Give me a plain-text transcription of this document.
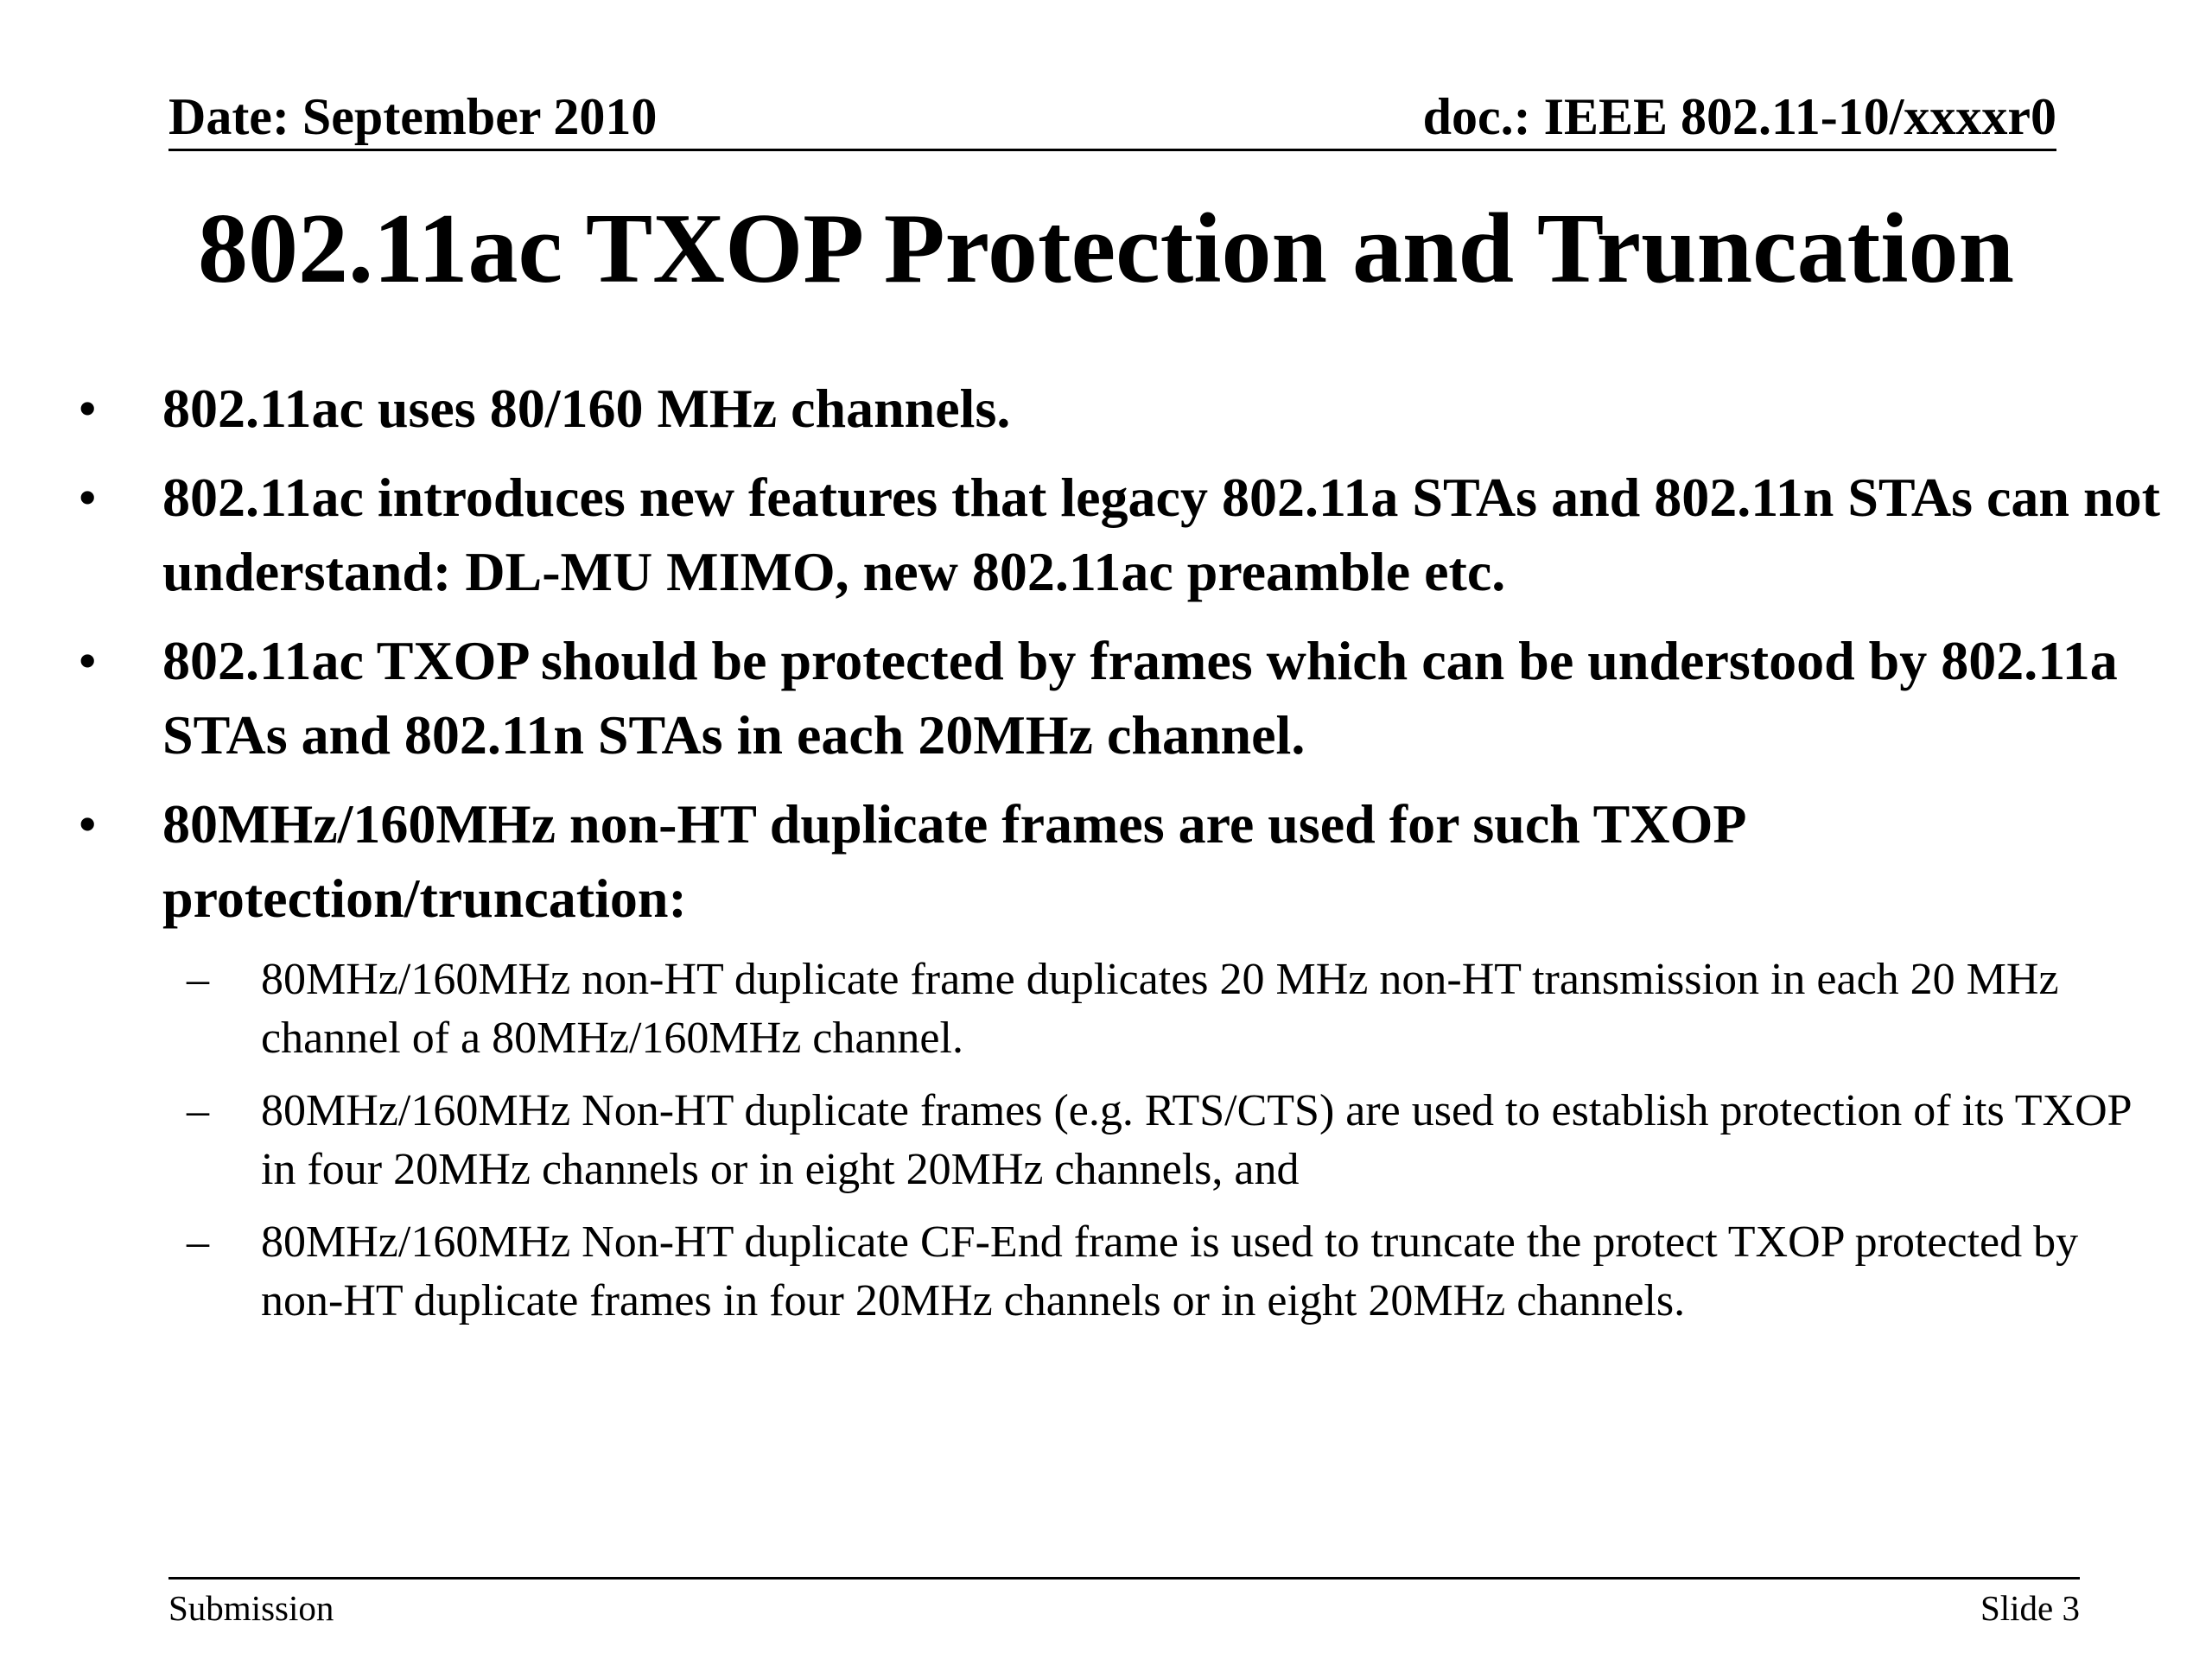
Date: September 2010	doc.: IEEE 802.11-10/xxxxr0
802.11ac TXOP Protection and Truncation
• 802.11ac uses 80/160 MHz channels.
• 802.11ac introduces new features that legacy 802.11a STAs and 802.11n STAs can not understand: DL-MU MIMO, new 802.11ac preamble etc.
• 802.11ac TXOP should be protected by frames which can be understood by 802.11a STAs and 802.11n STAs in each 20MHz channel.
• 80MHz/160MHz non-HT duplicate frames are used for such TXOP protection/truncation:
– 80MHz/160MHz non-HT duplicate frame duplicates 20 MHz non-HT transmission in each 20 MHz channel of a 80MHz/160MHz channel.
– 80MHz/160MHz Non-HT duplicate frames (e.g. RTS/CTS) are used to establish protection of its TXOP in four 20MHz channels or in eight 20MHz channels, and
– 80MHz/160MHz Non-HT duplicate CF-End frame is used to truncate the protect TXOP protected by non-HT duplicate frames in four 20MHz channels or in eight 20MHz channels.
Submission	Slide 3
